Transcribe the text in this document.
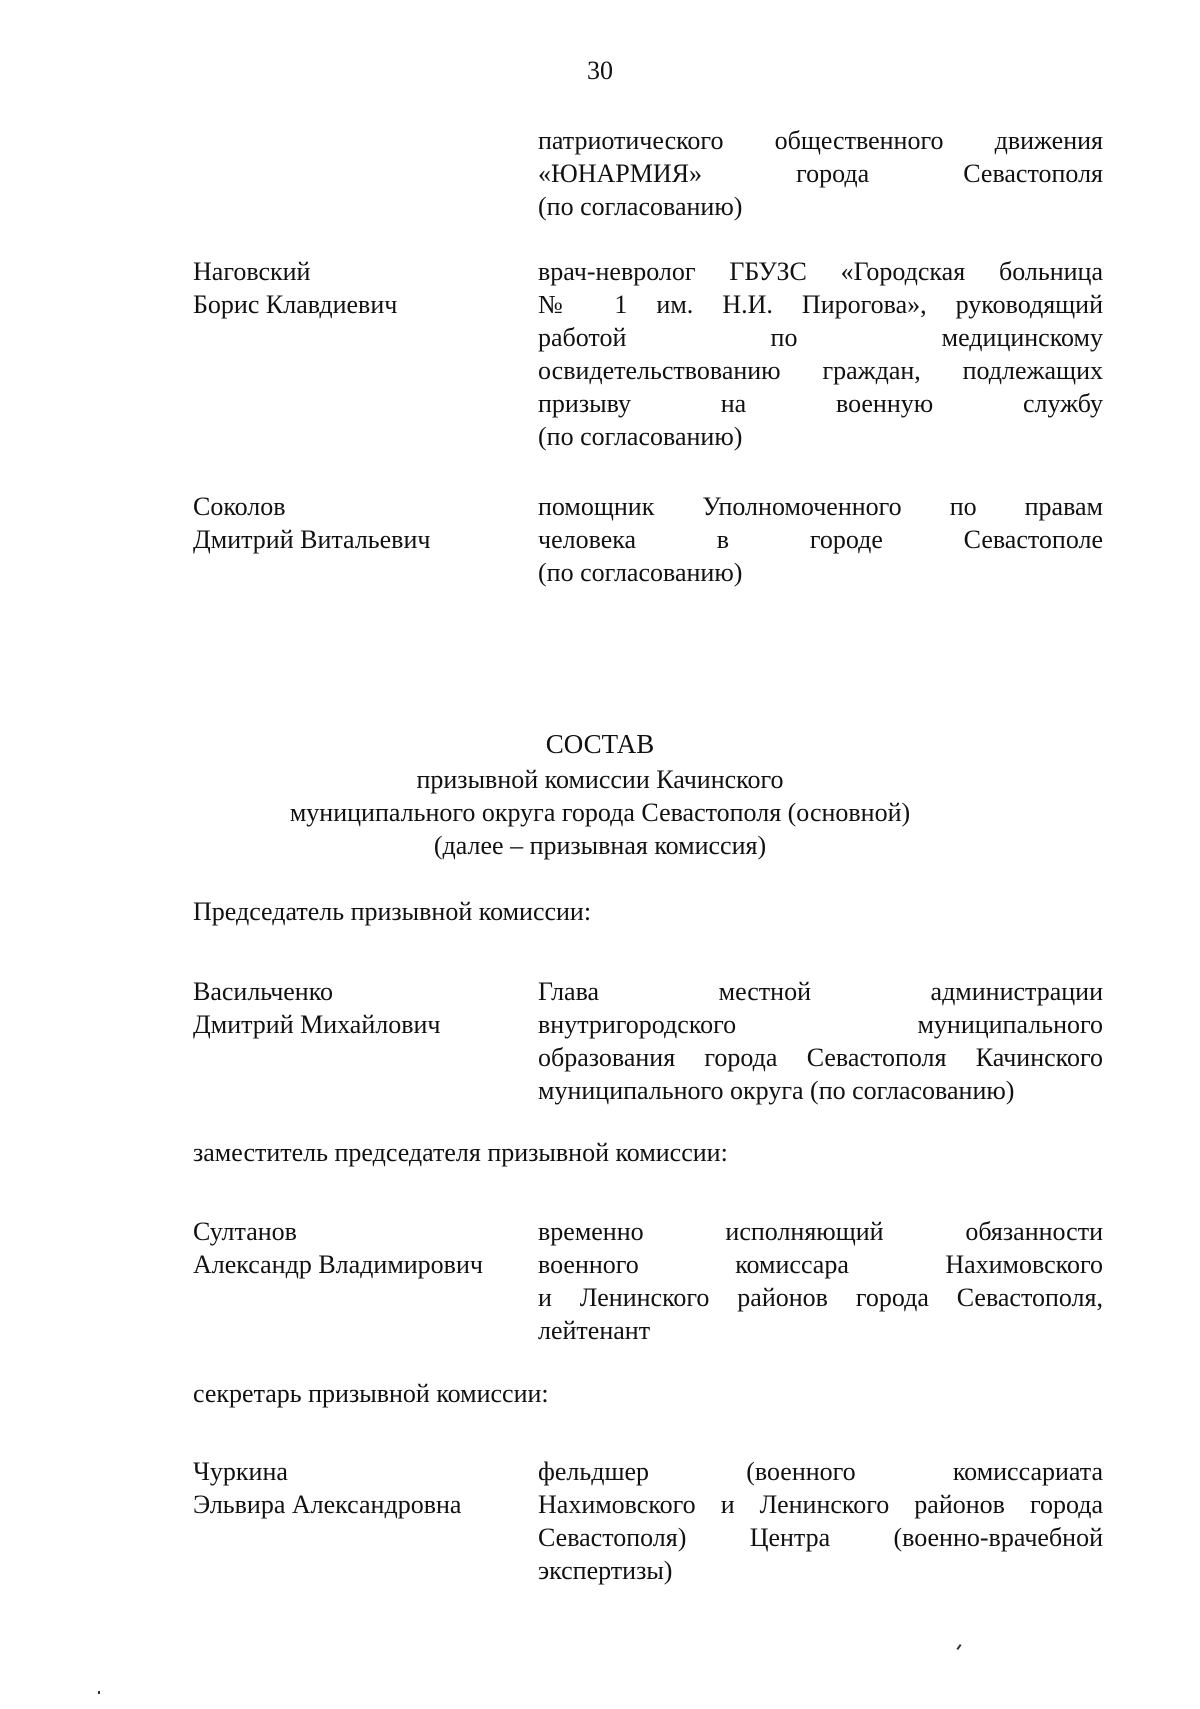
30
патриотического общественного движения
«ЮНАРМИЯ» города Севастополя
(по согласованию)
Наговский
Борис Клавдиевич
врач-невролог ГБУЗС «Городская больница
№ 1 им. Н.И. Пирогова», руководящий
работой по медицинскому
освидетельствованию граждан, подлежащих
призыву на военную службу
(по согласованию)
Соколов
Дмитрий Витальевич
помощник Уполномоченного по правам
человека в городе Севастополе
(по согласованию)
СОСТАВ
призывной комиссии Качинского
муниципального округа города Севастополя (основной)
(далее – призывная комиссия)
Председатель призывной комиссии:
Васильченко
Дмитрий Михайлович
Глава местной администрации
внутригородского муниципального
образования города Севастополя Качинского
муниципального округа (по согласованию)
заместитель председателя призывной комиссии:
Султанов
Александр Владимирович
временно исполняющий обязанности
военного комиссара Нахимовского
и Ленинского районов города Севастополя,
лейтенант
секретарь призывной комиссии:
Чуркина
Эльвира Александровна
фельдшер (военного комиссариата
Нахимовского и Ленинского районов города
Севастополя) Центра (военно-врачебной
экспертизы)
